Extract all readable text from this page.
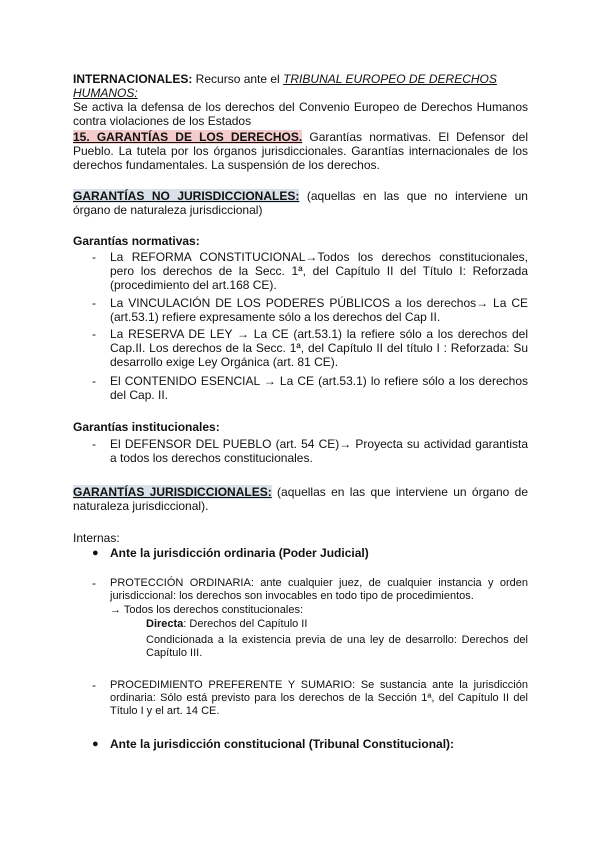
INTERNACIONALES: Recurso ante el TRIBUNAL EUROPEO DE DERECHOS HUMANOS:
Se activa la defensa de los derechos del Convenio Europeo de Derechos Humanos contra violaciones de los Estados
15. GARANTÍAS DE LOS DERECHOS. Garantías normativas. El Defensor del Pueblo. La tutela por los órganos jurisdiccionales. Garantías internacionales de los derechos fundamentales. La suspensión de los derechos.
GARANTÍAS NO JURISDICCIONALES: (aquellas en las que no interviene un órgano de naturaleza jurisdiccional)
Garantías normativas:
- La REFORMA CONSTITUCIONAL→Todos los derechos constitucionales, pero los derechos de la Secc. 1ª, del Capítulo II del Título I: Reforzada (procedimiento del art.168 CE).
- La VINCULACIÓN DE LOS PODERES PÚBLICOS a los derechos→ La CE (art.53.1) refiere expresamente sólo a los derechos del Cap II.
- La RESERVA DE LEY → La CE (art.53.1) la refiere sólo a los derechos del Cap.II. Los derechos de la Secc. 1ª, del Capítulo II del título I : Reforzada: Su desarrollo exige Ley Orgánica (art. 81 CE).
- El CONTENIDO ESENCIAL → La CE (art.53.1) lo refiere sólo a los derechos del Cap. II.
Garantías institucionales:
- El DEFENSOR DEL PUEBLO (art. 54 CE)→ Proyecta su actividad garantista a todos los derechos constitucionales.
GARANTÍAS JURISDICCIONALES: (aquellas en las que interviene un órgano de naturaleza jurisdiccional).
Internas:
● Ante la jurisdicción ordinaria (Poder Judicial)
- PROTECCIÓN ORDINARIA: ante cualquier juez, de cualquier instancia y orden jurisdiccional: los derechos son invocables en todo tipo de procedimientos.
→ Todos los derechos constitucionales:
Directa: Derechos del Capítulo II
Condicionada a la existencia previa de una ley de desarrollo: Derechos del Capítulo III.
- PROCEDIMIENTO PREFERENTE Y SUMARIO: Se sustancia ante la jurisdicción ordinaria: Sólo está previsto para los derechos de la Sección 1ª, del Capítulo II del Título I y el art. 14 CE.
● Ante la jurisdicción constitucional (Tribunal Constitucional):
